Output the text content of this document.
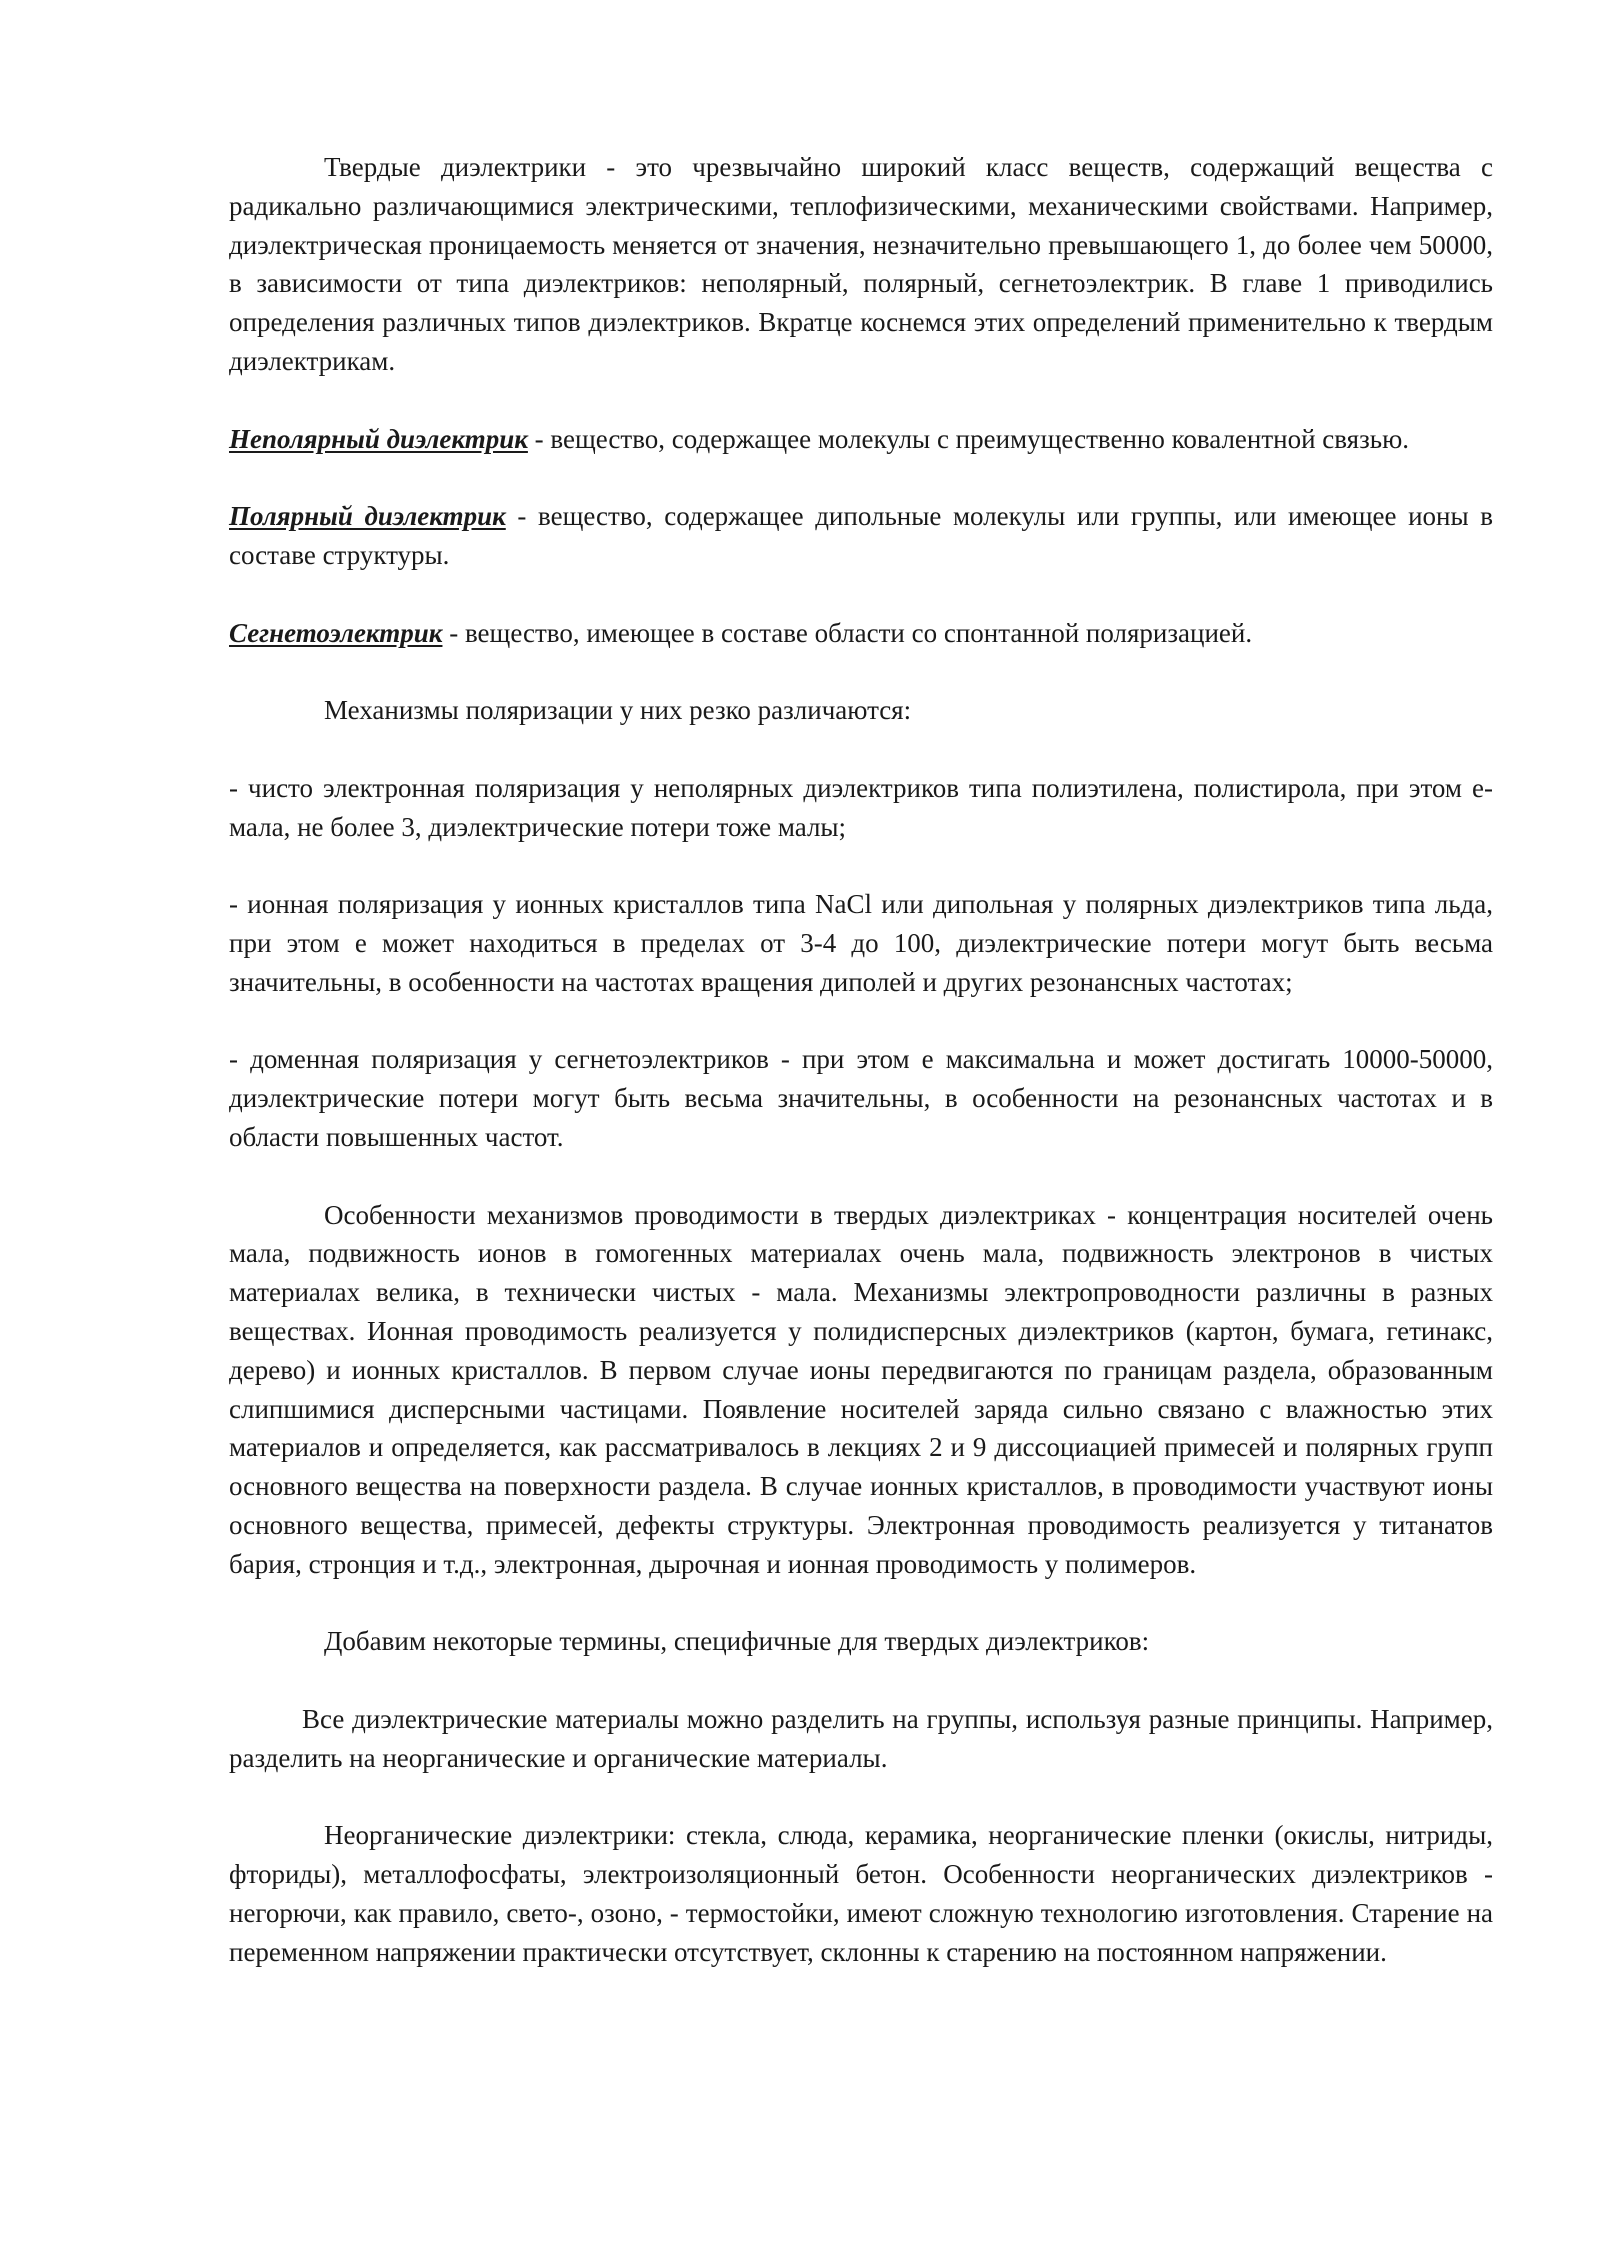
Твердые диэлектрики - это чрезвычайно широкий класс веществ, содержащий вещества с радикально различающимися электрическими, теплофизическими, механическими свойствами. Например, диэлектрическая проницаемость меняется от значения, незначительно превышающего 1, до более чем 50000, в зависимости от типа диэлектриков: неполярный, полярный, сегнетоэлектрик. В главе 1 приводились определения различных типов диэлектриков. Вкратце коснемся этих определений применительно к твердым диэлектрикам.

Неполярный диэлектрик - вещество, содержащее молекулы с преимущественно ковалентной связью.

Полярный диэлектрик - вещество, содержащее дипольные молекулы или группы, или имеющее ионы в составе структуры.

Сегнетоэлектрик - вещество, имеющее в составе области со спонтанной поляризацией.

Механизмы поляризации у них резко различаются:

- чисто электронная поляризация у неполярных диэлектриков типа полиэтилена, полистирола, при этом e-мала, не более 3, диэлектрические потери тоже малы;

- ионная поляризация у ионных кристаллов типа NaCl или дипольная у полярных диэлектриков типа льда, при этом e может находиться в пределах от 3-4 до 100, диэлектрические потери могут быть весьма значительны, в особенности на частотах вращения диполей и других резонансных частотах;

- доменная поляризация у сегнетоэлектриков - при этом e максимальна и может достигать 10000-50000, диэлектрические потери могут быть весьма значительны, в особенности на резонансных частотах и в области повышенных частот.

Особенности механизмов проводимости в твердых диэлектриках - концентрация носителей очень мала, подвижность ионов в гомогенных материалах очень мала, подвижность электронов в чистых материалах велика, в технически чистых - мала. Механизмы электропроводности различны в разных веществах. Ионная проводимость реализуется у полидисперсных диэлектриков (картон, бумага, гетинакс, дерево) и ионных кристаллов. В первом случае ионы передвигаются по границам раздела, образованным слипшимися дисперсными частицами. Появление носителей заряда сильно связано с влажностью этих материалов и определяется, как рассматривалось в лекциях 2 и 9 диссоциацией примесей и полярных групп основного вещества на поверхности раздела. В случае ионных кристаллов, в проводимости участвуют ионы основного вещества, примесей, дефекты структуры. Электронная проводимость реализуется у титанатов бария, стронция и т.д., электронная, дырочная и ионная проводимость у полимеров.

Добавим некоторые термины, специфичные для твердых диэлектриков:

Все диэлектрические материалы можно разделить на группы, используя разные принципы. Например, разделить на неорганические и органические материалы.

Неорганические диэлектрики: стекла, слюда, керамика, неорганические пленки (окислы, нитриды, фториды), металлофосфаты, электроизоляционный бетон. Особенности неорганических диэлектриков - негорючи, как правило, свето-, озоно, - термостойки, имеют сложную технологию изготовления. Старение на переменном напряжении практически отсутствует, склонны к старению на постоянном напряжении.
